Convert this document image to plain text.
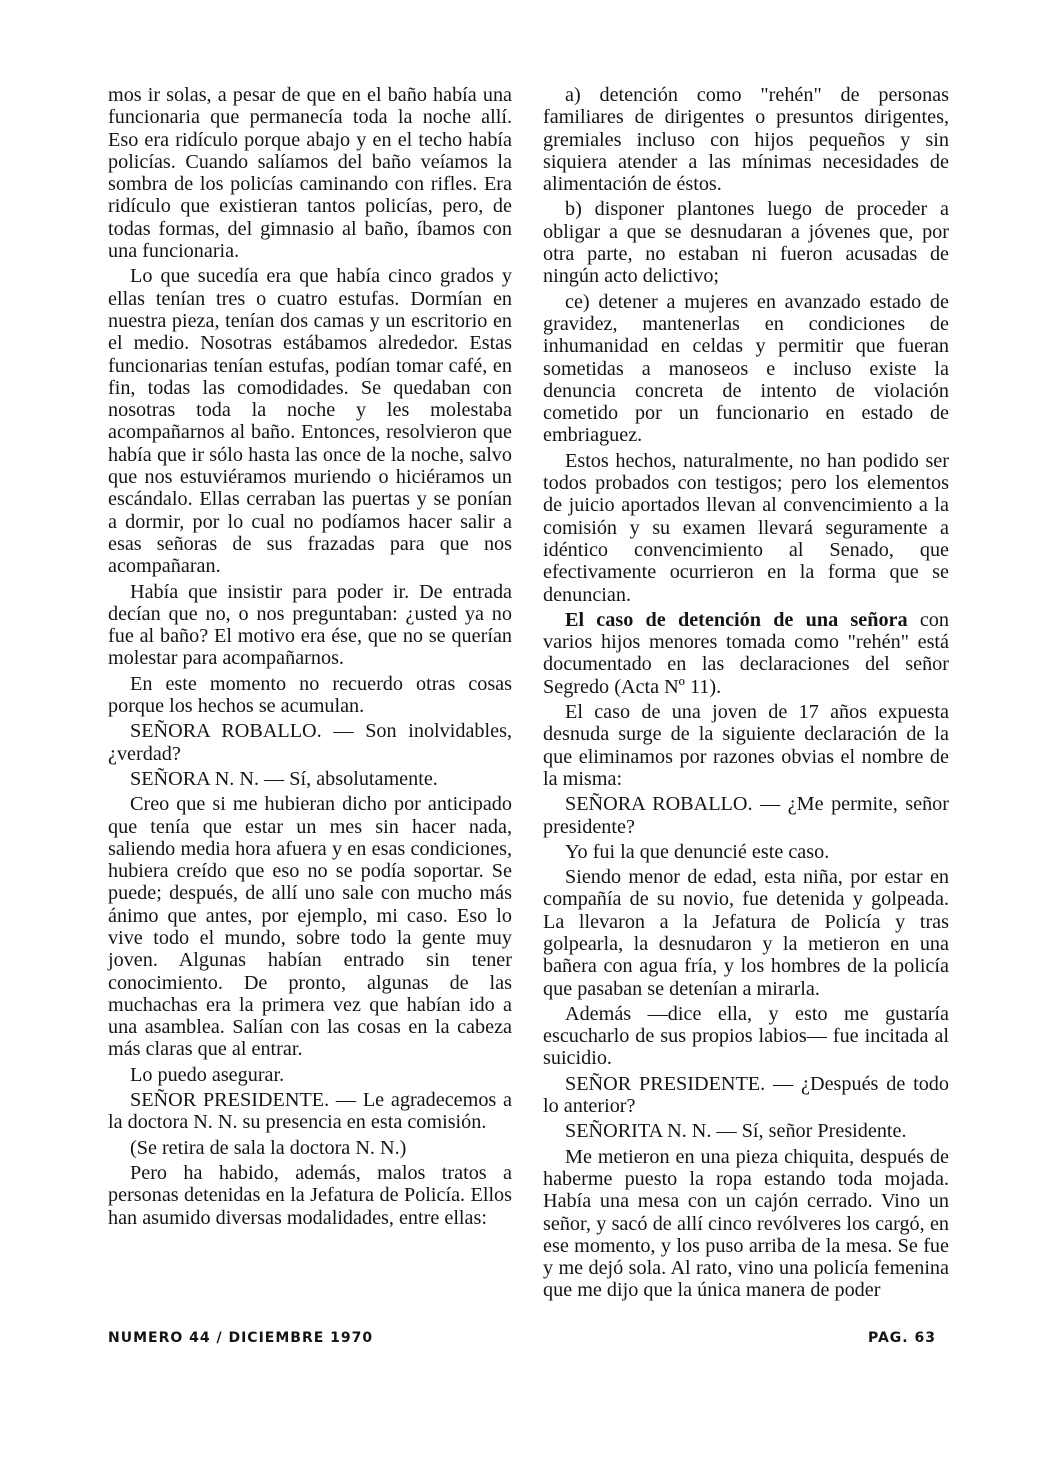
mos ir solas, a pesar de que en el baño había una funcionaria que permanecía toda la noche allí. Eso era ridículo porque abajo y en el techo había policías. Cuando salíamos del baño veíamos la sombra de los policías caminando con rifles. Era ridículo que existieran tantos policías, pero, de todas formas, del gimnasio al baño, íbamos con una funcionaria.

Lo que sucedía era que había cinco grados y ellas tenían tres o cuatro estufas. Dormían en nuestra pieza, tenían dos camas y un escritorio en el medio. Nosotras estábamos alrededor. Estas funcionarias tenían estufas, podían tomar café, en fin, todas las comodidades. Se quedaban con nosotras toda la noche y les molestaba acompañarnos al baño. Entonces, resolvieron que había que ir sólo hasta las once de la noche, salvo que nos estuviéramos muriendo o hiciéramos un escándalo. Ellas cerraban las puertas y se ponían a dormir, por lo cual no podíamos hacer salir a esas señoras de sus frazadas para que nos acompañaran.

Había que insistir para poder ir. De entrada decían que no, o nos preguntaban: ¿usted ya no fue al baño? El motivo era ése, que no se querían molestar para acompañarnos.

En este momento no recuerdo otras cosas porque los hechos se acumulan.

SEÑORA ROBALLO. — Son inolvidables, ¿verdad?

SEÑORA N. N. — Sí, absolutamente.

Creo que si me hubieran dicho por anticipado que tenía que estar un mes sin hacer nada, saliendo media hora afuera y en esas condiciones, hubiera creído que eso no se podía soportar. Se puede; después, de allí uno sale con mucho más ánimo que antes, por ejemplo, mi caso. Eso lo vive todo el mundo, sobre todo la gente muy joven. Algunas habían entrado sin tener conocimiento. De pronto, algunas de las muchachas era la primera vez que habían ido a una asamblea. Salían con las cosas en la cabeza más claras que al entrar.

Lo puedo asegurar.

SEÑOR PRESIDENTE. — Le agradecemos a la doctora N. N. su presencia en esta comisión.

(Se retira de sala la doctora N. N.)

Pero ha habido, además, malos tratos a personas detenidas en la Jefatura de Policía. Ellos han asumido diversas modalidades, entre ellas:

a) detención como "rehén" de personas familiares de dirigentes o presuntos dirigentes, gremiales incluso con hijos pequeños y sin siquiera atender a las mínimas necesidades de alimentación de éstos.

b) disponer plantones luego de proceder a obligar a que se desnudaran a jóvenes que, por otra parte, no estaban ni fueron acusadas de ningún acto delictivo;

ce) detener a mujeres en avanzado estado de gravidez, mantenerlas en condiciones de inhumanidad en celdas y permitir que fueran sometidas a manoseos e incluso existe la denuncia concreta de intento de violación cometido por un funcionario en estado de embriaguez.

Estos hechos, naturalmente, no han podido ser todos probados con testigos; pero los elementos de juicio aportados llevan al convencimiento a la comisión y su examen llevará seguramente a idéntico convencimiento al Senado, que efectivamente ocurrieron en la forma que se denuncian.

El caso de detención de una señora con varios hijos menores tomada como "rehén" está documentado en las declaraciones del señor Segredo (Acta Nº 11).

El caso de una joven de 17 años expuesta desnuda surge de la siguiente declaración de la que eliminamos por razones obvias el nombre de la misma:

SEÑORA ROBALLO. — ¿Me permite, señor presidente?

Yo fui la que denuncié este caso.

Siendo menor de edad, esta niña, por estar en compañía de su novio, fue detenida y golpeada. La llevaron a la Jefatura de Policía y tras golpearla, la desnudaron y la metieron en una bañera con agua fría, y los hombres de la policía que pasaban se detenían a mirarla.

Además —dice ella, y esto me gustaría escucharlo de sus propios labios— fue incitada al suicidio.

SEÑOR PRESIDENTE. — ¿Después de todo lo anterior?

SEÑORITA N. N. — Sí, señor Presidente.

Me metieron en una pieza chiquita, después de haberme puesto la ropa estando toda mojada. Había una mesa con un cajón cerrado. Vino un señor, y sacó de allí cinco revólveres los cargó, en ese momento, y los puso arriba de la mesa. Se fue y me dejó sola. Al rato, vino una policía femenina que me dijo que la única manera de poder

NUMERO 44 / DICIEMBRE 1970	PAG. 63
